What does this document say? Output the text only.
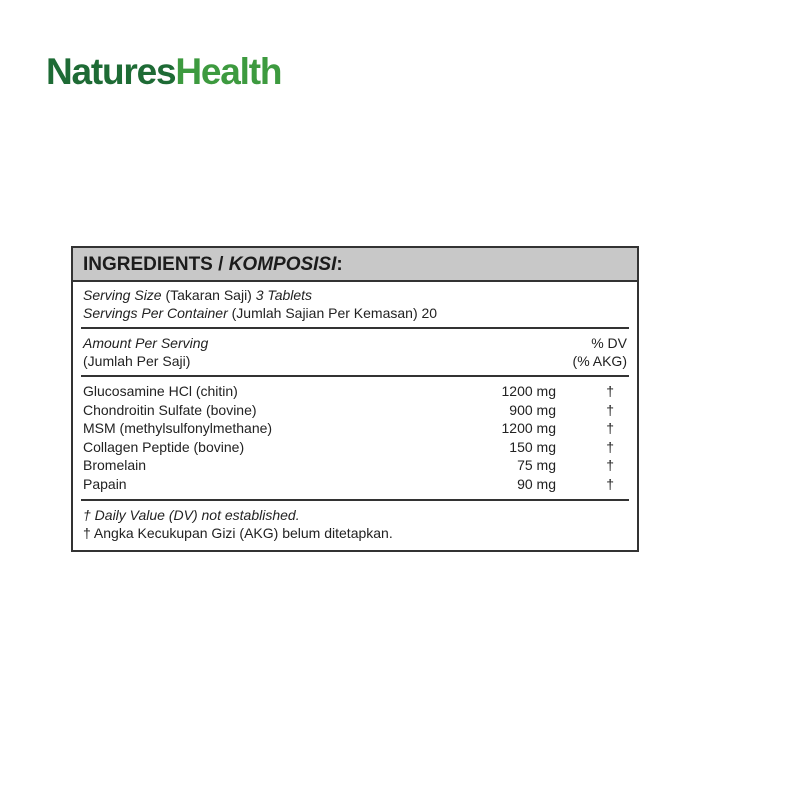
NaturesHealth
INGREDIENTS / KOMPOSISI:
Serving Size (Takaran Saji) 3 Tablets
Servings Per Container (Jumlah Sajian Per Kemasan) 20
Amount Per Serving
(Jumlah Per Saji)
% DV
(% AKG)
Glucosamine HCl (chitin)	1200 mg	†
Chondroitin Sulfate (bovine)	900 mg	†
MSM (methylsulfonylmethane)	1200 mg	†
Collagen Peptide (bovine)	150 mg	†
Bromelain	75 mg	†
Papain	90 mg	†
† Daily Value (DV) not established.
† Angka Kecukupan Gizi (AKG) belum ditetapkan.
